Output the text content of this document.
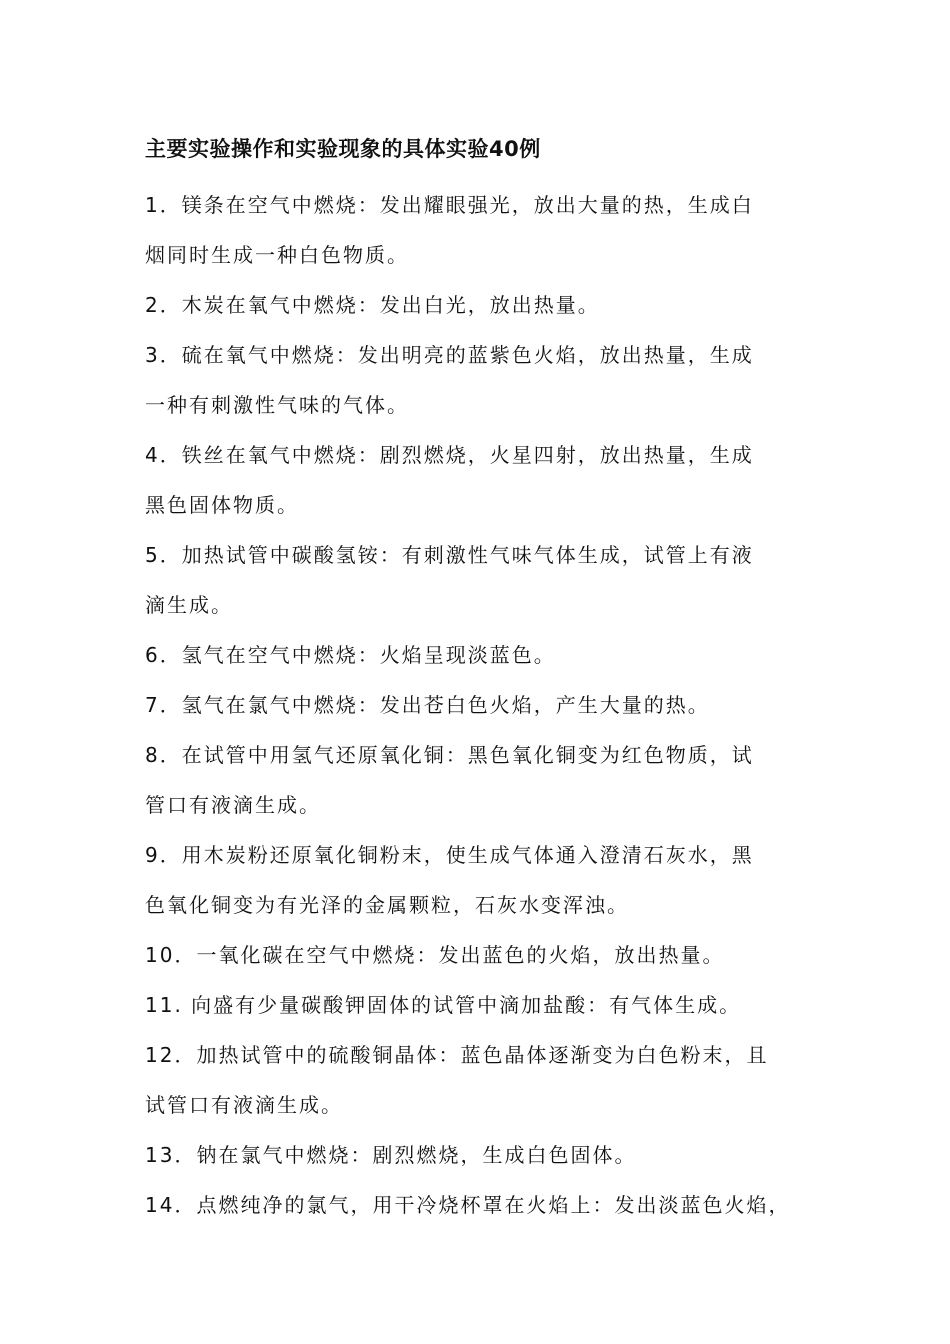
主要实验操作和实验现象的具体实验40例
1．镁条在空气中燃烧：发出耀眼强光，放出大量的热，生成白
烟同时生成一种白色物质。
2．木炭在氧气中燃烧：发出白光，放出热量。
3．硫在氧气中燃烧：发出明亮的蓝紫色火焰，放出热量，生成
一种有刺激性气味的气体。
4．铁丝在氧气中燃烧：剧烈燃烧，火星四射，放出热量，生成
黑色固体物质。
5．加热试管中碳酸氢铵：有刺激性气味气体生成，试管上有液
滴生成。
6．氢气在空气中燃烧：火焰呈现淡蓝色。
7．氢气在氯气中燃烧：发出苍白色火焰，产生大量的热。
8．在试管中用氢气还原氧化铜：黑色氧化铜变为红色物质，试
管口有液滴生成。
9．用木炭粉还原氧化铜粉末，使生成气体通入澄清石灰水，黑
色氧化铜变为有光泽的金属颗粒，石灰水变浑浊。
10．一氧化碳在空气中燃烧：发出蓝色的火焰，放出热量。
11. 向盛有少量碳酸钾固体的试管中滴加盐酸：有气体生成。
12．加热试管中的硫酸铜晶体：蓝色晶体逐渐变为白色粉末，且
试管口有液滴生成。
13．钠在氯气中燃烧：剧烈燃烧，生成白色固体。
14．点燃纯净的氯气，用干冷烧杯罩在火焰上：发出淡蓝色火焰，
